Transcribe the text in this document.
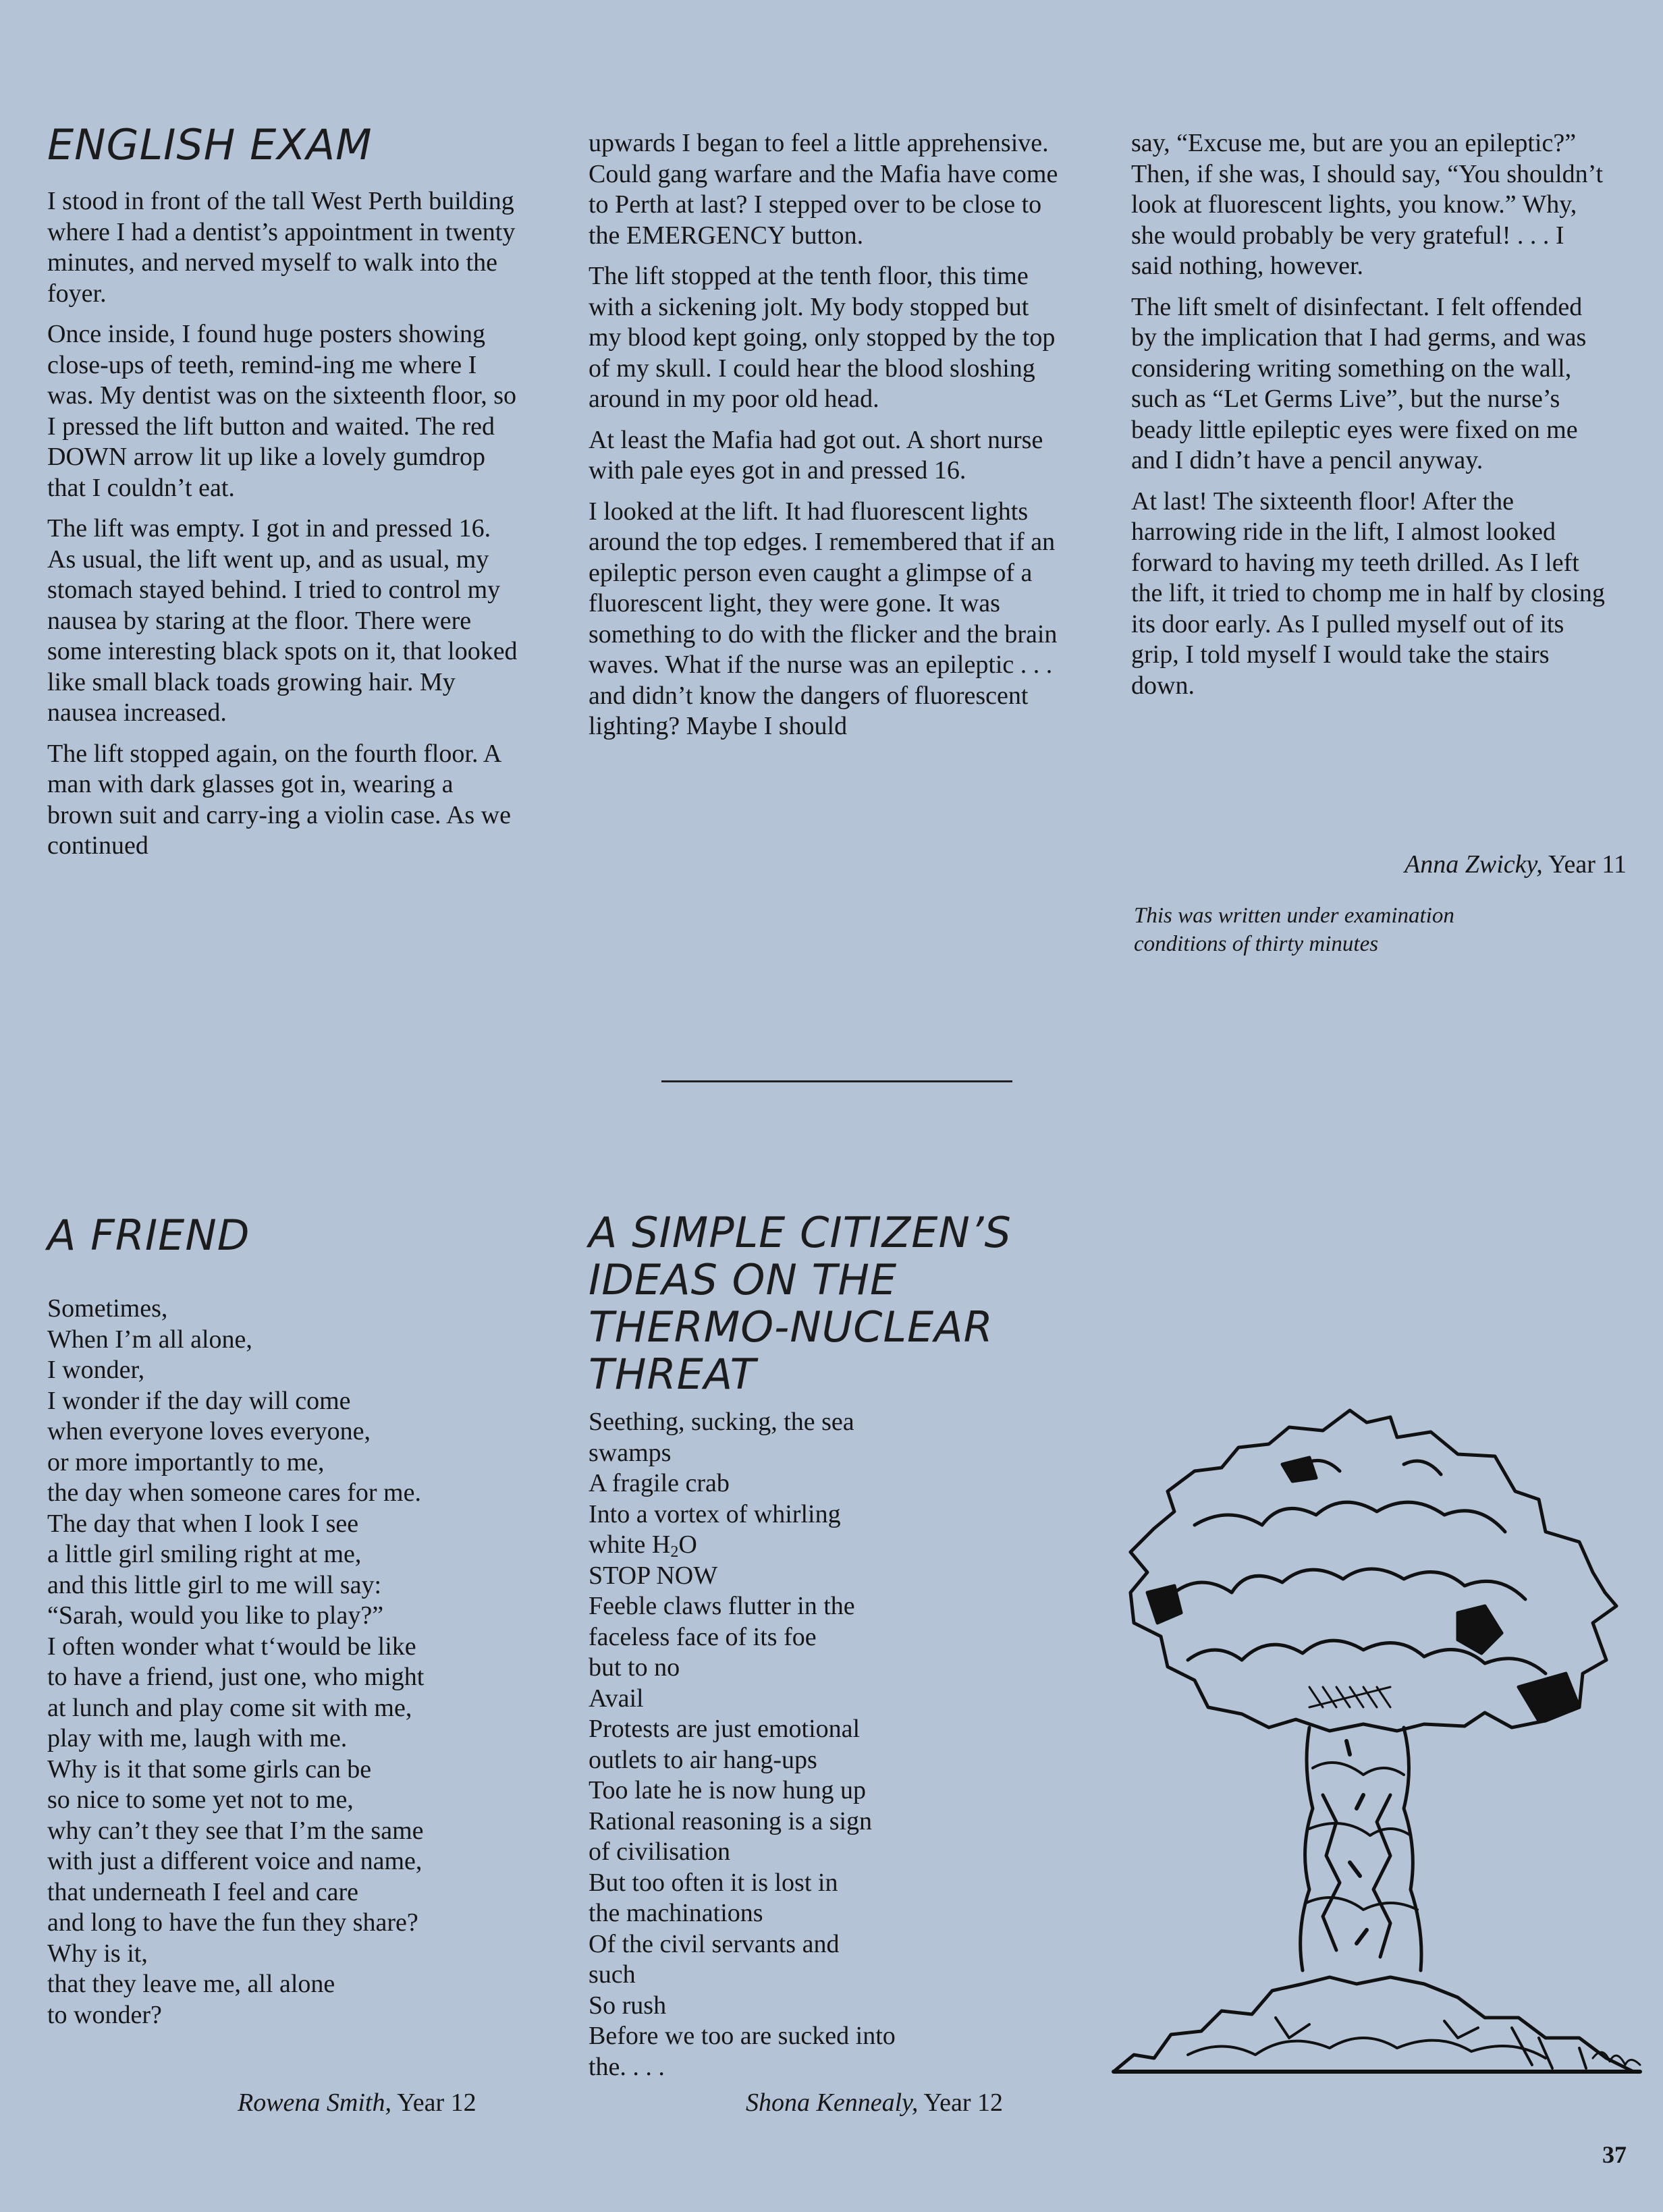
ENGLISH EXAM

I stood in front of the tall West Perth building where I had a dentist’s appointment in twenty minutes, and nerved myself to walk into the foyer.

Once inside, I found huge posters showing close-ups of teeth, remind-ing me where I was. My dentist was on the sixteenth floor, so I pressed the lift button and waited. The red DOWN arrow lit up like a lovely gumdrop that I couldn’t eat.

The lift was empty. I got in and pressed 16. As usual, the lift went up, and as usual, my stomach stayed behind. I tried to control my nausea by staring at the floor. There were some interesting black spots on it, that looked like small black toads growing hair. My nausea increased.

The lift stopped again, on the fourth floor. A man with dark glasses got in, wearing a brown suit and carry-ing a violin case. As we continued

upwards I began to feel a little apprehensive. Could gang warfare and the Mafia have come to Perth at last? I stepped over to be close to the EMERGENCY button.

The lift stopped at the tenth floor, this time with a sickening jolt. My body stopped but my blood kept going, only stopped by the top of my skull. I could hear the blood sloshing around in my poor old head.

At least the Mafia had got out. A short nurse with pale eyes got in and pressed 16.

I looked at the lift. It had fluorescent lights around the top edges. I remembered that if an epileptic person even caught a glimpse of a fluorescent light, they were gone. It was something to do with the flicker and the brain waves. What if the nurse was an epileptic . . . and didn’t know the dangers of fluorescent lighting? Maybe I should

say, “Excuse me, but are you an epileptic?” Then, if she was, I should say, “You shouldn’t look at fluorescent lights, you know.” Why, she would probably be very grateful! . . . I said nothing, however.

The lift smelt of disinfectant. I felt offended by the implication that I had germs, and was considering writing something on the wall, such as “Let Germs Live”, but the nurse’s beady little epileptic eyes were fixed on me and I didn’t have a pencil anyway.

At last! The sixteenth floor! After the harrowing ride in the lift, I almost looked forward to having my teeth drilled. As I left the lift, it tried to chomp me in half by closing its door early. As I pulled myself out of its grip, I told myself I would take the stairs down.

Anna Zwicky, Year 11
This was written under examination conditions of thirty minutes
A FRIEND
Sometimes,
When I’m all alone,
I wonder,
I wonder if the day will come
when everyone loves everyone,
or more importantly to me,
the day when someone cares for me.
The day that when I look I see
a little girl smiling right at me,
and this little girl to me will say:
“Sarah, would you like to play?”
I often wonder what t‘would be like
to have a friend, just one, who might
at lunch and play come sit with me,
play with me, laugh with me.
Why is it that some girls can be
so nice to some yet not to me,
why can’t they see that I’m the same
with just a different voice and name,
that underneath I feel and care
and long to have the fun they share?
Why is it,
that they leave me, all alone
to wonder?
Rowena Smith, Year 12
A SIMPLE CITIZEN’S
IDEAS ON THE
THERMO-NUCLEAR
THREAT
Seething, sucking, the sea
swamps
A fragile crab
Into a vortex of whirling
white $H_2O$
STOP NOW
Feeble claws flutter in the
faceless face of its foe
but to no
Avail
Protests are just emotional
outlets to air hang-ups
Too late he is now hung up
Rational reasoning is a sign
of civilisation
But too often it is lost in
the machinations
Of the civil servants and
such
So rush
Before we too are sucked into
the. . . .
Shona Kennealy, Year 12
37
